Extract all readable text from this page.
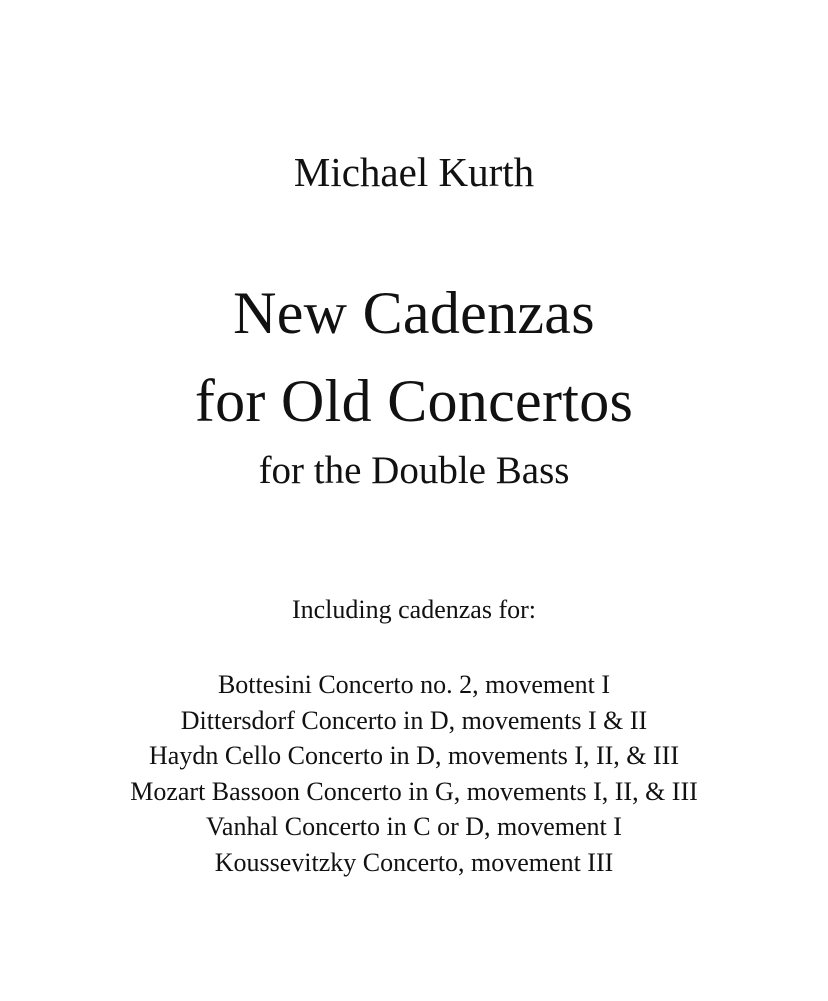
Michael Kurth
New Cadenzas
for Old Concertos
for the Double Bass
Including cadenzas for:
Bottesini Concerto no. 2, movement I
Dittersdorf Concerto in D, movements I & II
Haydn Cello Concerto in D, movements I, II, & III
Mozart Bassoon Concerto in G, movements I, II, & III
Vanhal Concerto in C or D, movement I
Koussevitzky Concerto, movement III
